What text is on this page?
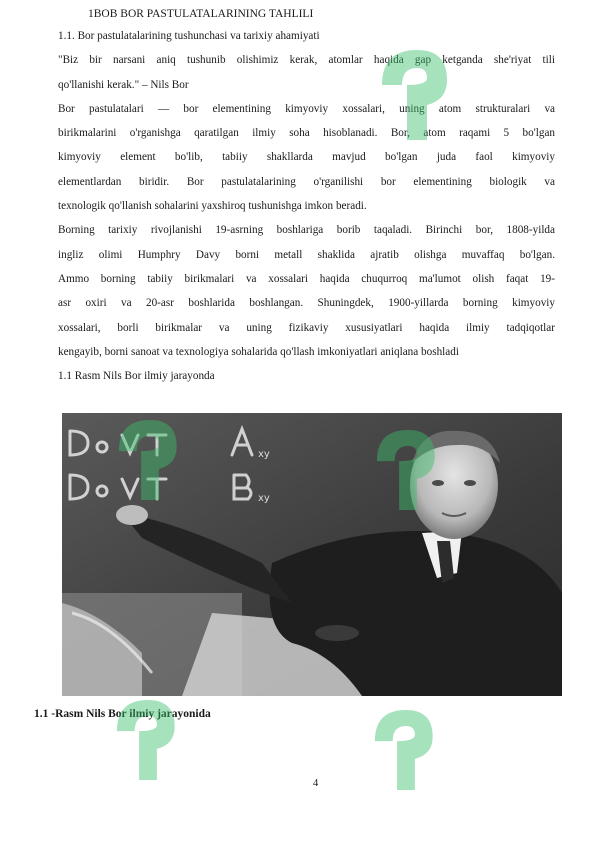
1BOB BOR PASTULATALARINING TAHLILI
1.1. Bor pastulatalarining tushunchasi va tarixiy ahamiyati
"Biz bir narsani aniq tushunib olishimiz kerak, atomlar haqida gap ketganda she'riyat tili
qo'llanishi kerak." – Nils Bor
Bor pastulatalari — bor elementining kimyoviy xossalari, uning atom strukturalari va
birikmalarini o'rganishga qaratilgan ilmiy soha hisoblanadi. Bor, atom raqami 5 bo'lgan
kimyoviy element bo'lib, tabiiy shakllarda mavjud bo'lgan juda faol kimyoviy
elementlardan biridir. Bor pastulatalarining o'rganilishi bor elementining biologik va
texnologik qo'llanish sohalarini yaxshiroq tushunishga imkon beradi.
Borning tarixiy rivojlanishi 19-asrning boshlariga borib taqaladi. Birinchi bor, 1808-yilda
ingliz olimi Humphry Davy borni metall shaklida ajratib olishga muvaffaq bo'lgan.
Ammo borning tabiiy birikmalari va xossalari haqida chuqurroq ma'lumot olish faqat 19-
asr oxiri va 20-asr boshlarida boshlangan. Shuningdek, 1900-yillarda borning kimyoviy
xossalari, borli birikmalar va uning fizikaviy xususiyatlari haqida ilmiy tadqiqotlar
kengayib, borni sanoat va texnologiya sohalarida qo'llash imkoniyatlari aniqlana boshladi
1.1 Rasm Nils Bor ilmiy jarayonda
xy
xy
1.1 -Rasm Nils Bor ilmiy jarayonida
4
